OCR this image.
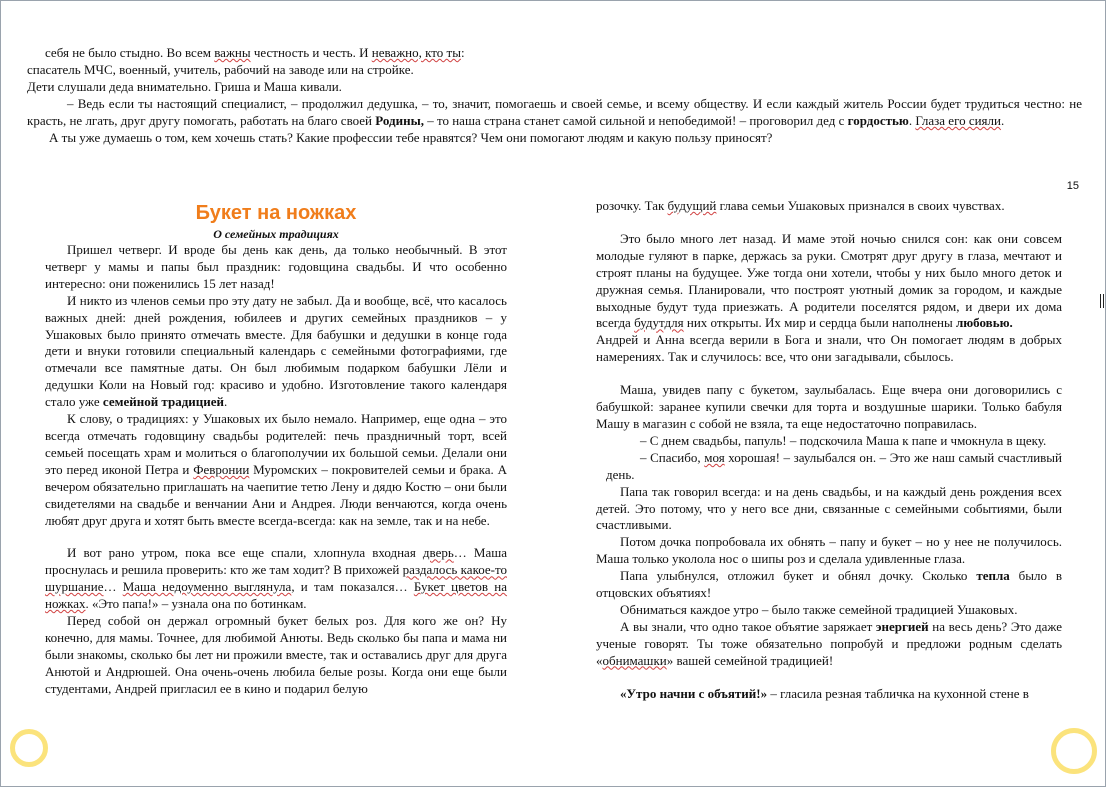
себя не было стыдно. Во всем важны честность и честь. И неважно, кто ты:

спасатель МЧС, военный, учитель, рабочий на заводе или на стройке.

Дети слушали деда внимательно. Гриша и Маша кивали.

– Ведь если ты настоящий специалист, – продолжил дедушка, – то, значит, помогаешь и своей семье, и всему обществу. И если каждый житель России будет трудиться честно: не красть, не лгать, друг другу помогать, работать на благо своей Родины, – то наша страна станет самой сильной и непобедимой! – проговорил дед с гордостью. Глаза его сияли.

А ты уже думаешь о том, кем хочешь стать? Какие профессии тебе нравятся? Чем они помогают людям и какую пользу приносят?

15

Букет на ножках

О семейных традициях

Пришел четверг. И вроде бы день как день, да только необычный. В этот четверг у мамы и папы был праздник: годовщина свадьбы. И что особенно интересно: они поженились 15 лет назад!

И никто из членов семьи про эту дату не забыл. Да и вообще, всё, что касалось важных дней: дней рождения, юбилеев и других семейных праздников – у Ушаковых было принято отмечать вместе. Для бабушки и дедушки в конце года дети и внуки готовили специальный календарь с семейными фотографиями, где отмечали все памятные даты. Он был любимым подарком бабушки Лёли и дедушки Коли на Новый год: красиво и удобно. Изготовление такого календаря стало уже семейной традицией.

К слову, о традициях: у Ушаковых их было немало. Например, еще одна – это всегда отмечать годовщину свадьбы родителей: печь праздничный торт, всей семьей посещать храм и молиться о благополучии их большой семьи. Делали они это перед иконой Петра и Февронии Муромских – покровителей семьи и брака. А вечером обязательно приглашать на чаепитие тетю Лену и дядю Костю – они были свидетелями на свадьбе и венчании Ани и Андрея. Люди венчаются, когда очень любят друг друга и хотят быть вместе всегда-всегда: как на земле, так и на небе.

И вот рано утром, пока все еще спали, хлопнула входная дверь… Маша проснулась и решила проверить: кто же там ходит? В прихожей раздалось какое-то шуршание… Маша недоуменно выглянула, и там показался… Букет цветов на ножках. «Это папа!» – узнала она по ботинкам.

Перед собой он держал огромный букет белых роз. Для кого же он? Ну конечно, для мамы. Точнее, для любимой Анюты. Ведь сколько бы папа и мама ни были знакомы, сколько бы лет ни прожили вместе, так и оставались друг для друга Анютой и Андрюшей. Она очень-очень любила белые розы. Когда они еще были студентами, Андрей пригласил ее в кино и подарил белую

розочку. Так будущий глава семьи Ушаковых признался в своих чувствах.

Это было много лет назад. И маме этой ночью снился сон: как они совсем молодые гуляют в парке, держась за руки. Смотрят друг другу в глаза, мечтают и строят планы на будущее. Уже тогда они хотели, чтобы у них было много деток и дружная семья. Планировали, что построят уютный домик за городом, и каждые выходные будут туда приезжать. А родители поселятся рядом, и двери их дома всегда будутдля них открыты. Их мир и сердца были наполнены любовью.

Андрей и Анна всегда верили в Бога и знали, что Он помогает людям в добрых намерениях. Так и случилось: все, что они загадывали, сбылось.

Маша, увидев папу с букетом, заулыбалась. Еще вчера они договорились с бабушкой: заранее купили свечки для торта и воздушные шарики. Только бабуля Машу в магазин с собой не взяла, та еще недостаточно поправилась.

– С днем свадьбы, папуль! – подскочила Маша к папе и чмокнула в щеку.

– Спасибо, моя хорошая! – заулыбался он. – Это же наш самый счастливый день.

Папа так говорил всегда: и на день свадьбы, и на каждый день рождения всех детей. Это потому, что у него все дни, связанные с семейными событиями, были счастливыми.

Потом дочка попробовала их обнять – папу и букет – но у нее не получилось. Маша только уколола нос о шипы роз и сделала удивленные глаза.

Папа улыбнулся, отложил букет и обнял дочку. Сколько тепла было в отцовских объятиях!

Обниматься каждое утро – было также семейной традицией Ушаковых.

А вы знали, что одно такое объятие заряжает энергией на весь день? Это даже ученые говорят. Ты тоже обязательно попробуй и предложи родным сделать «обнимашки» вашей семейной традицией!

«Утро начни с объятий!» – гласила резная табличка на кухонной стене в
